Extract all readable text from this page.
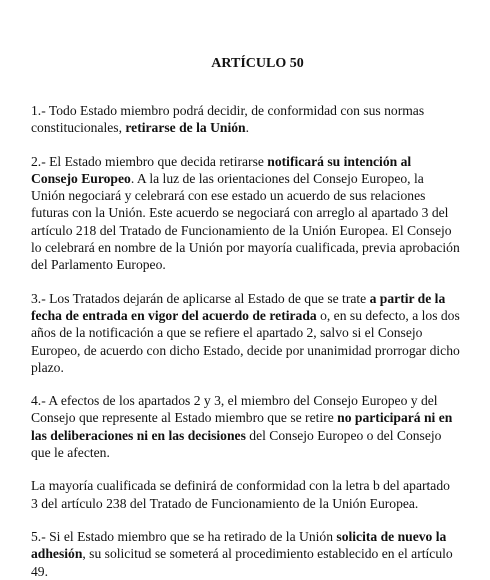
ARTÍCULO 50

1.- Todo Estado miembro podrá decidir, de conformidad con sus normas constitucionales, retirarse de la Unión.

2.- El Estado miembro que decida retirarse notificará su intención al Consejo Europeo. A la luz de las orientaciones del Consejo Europeo, la Unión negociará y celebrará con ese estado un acuerdo de sus relaciones futuras con la Unión. Este acuerdo se negociará con arreglo al apartado 3 del artículo 218 del Tratado de Funcionamiento de la Unión Europea. El Consejo lo celebrará en nombre de la Unión por mayoría cualificada, previa aprobación del Parlamento Europeo.

3.- Los Tratados dejarán de aplicarse al Estado de que se trate a partir de la fecha de entrada en vigor del acuerdo de retirada o, en su defecto, a los dos años de la notificación a que se refiere el apartado 2, salvo si el Consejo Europeo, de acuerdo con dicho Estado, decide por unanimidad prorrogar dicho plazo.

4.- A efectos de los apartados 2 y 3, el miembro del Consejo Europeo y del Consejo que represente al Estado miembro que se retire no participará ni en las deliberaciones ni en las decisiones del Consejo Europeo o del Consejo que le afecten.

La mayoría cualificada se definirá de conformidad con la letra b del apartado 3 del artículo 238 del Tratado de Funcionamiento de la Unión Europea.

5.- Si el Estado miembro que se ha retirado de la Unión solicita de nuevo la adhesión, su solicitud se someterá al procedimiento establecido en el artículo 49.
